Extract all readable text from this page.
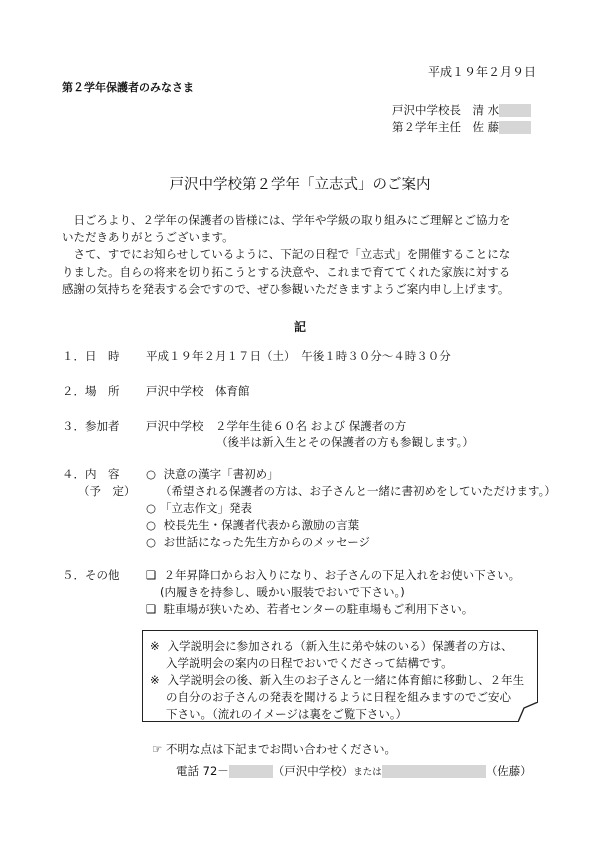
平成１９年２月９日
第２学年保護者のみなさま
戸沢中学校長　清 水
第２学年主任　佐 藤
戸沢中学校第２学年「立志式」のご案内
　日ごろより、２学年の保護者の皆様には、学年や学級の取り組みにご理解とご協力を
いただきありがとうございます。
　さて、すでにお知らせしているように、下記の日程で「立志式」を開催することにな
りました。自らの将来を切り拓こうとする決意や、これまで育ててくれた家族に対する
感謝の気持ちを発表する会ですので、ぜひ参観いただきますようご案内申し上げます。
記
１．日　時 平成１９年２月１７日（土）　午後１時３０分～４時３０分
２．場　所 戸沢中学校　体育館
３．参加者 戸沢中学校　２学年生徒６０名 および 保護者の方
（後半は新入生とその保護者の方も参観します。）
４．内　容
（予　定）
○ 決意の漢字「書初め」
（希望される保護者の方は、お子さんと一緒に書初めをしていただけます。）
○ 「立志作文」発表
○ 校長先生・保護者代表から激励の言葉
○ お世話になった先生方からのメッセージ
５．その他 ❑ ２年昇降口からお入りになり、お子さんの下足入れをお使い下さい。
(内履きを持参し、暖かい服装でおいで下さい。)
❑ 駐車場が狭いため、若者センターの駐車場もご利用下さい。
※ 入学説明会に参加される（新入生に弟や妹のいる）保護者の方は、
入学説明会の案内の日程でおいでくださって結構です。
※ 入学説明会の後、新入生のお子さんと一緒に体育館に移動し、２年生
の自分のお子さんの発表を聞けるように日程を組みますのでご安心
下さい。（流れのイメージは裏をご覧下さい。）
☞ 不明な点は下記までお問い合わせください。
電話 72－	（戸沢中学校）または	（佐藤）
